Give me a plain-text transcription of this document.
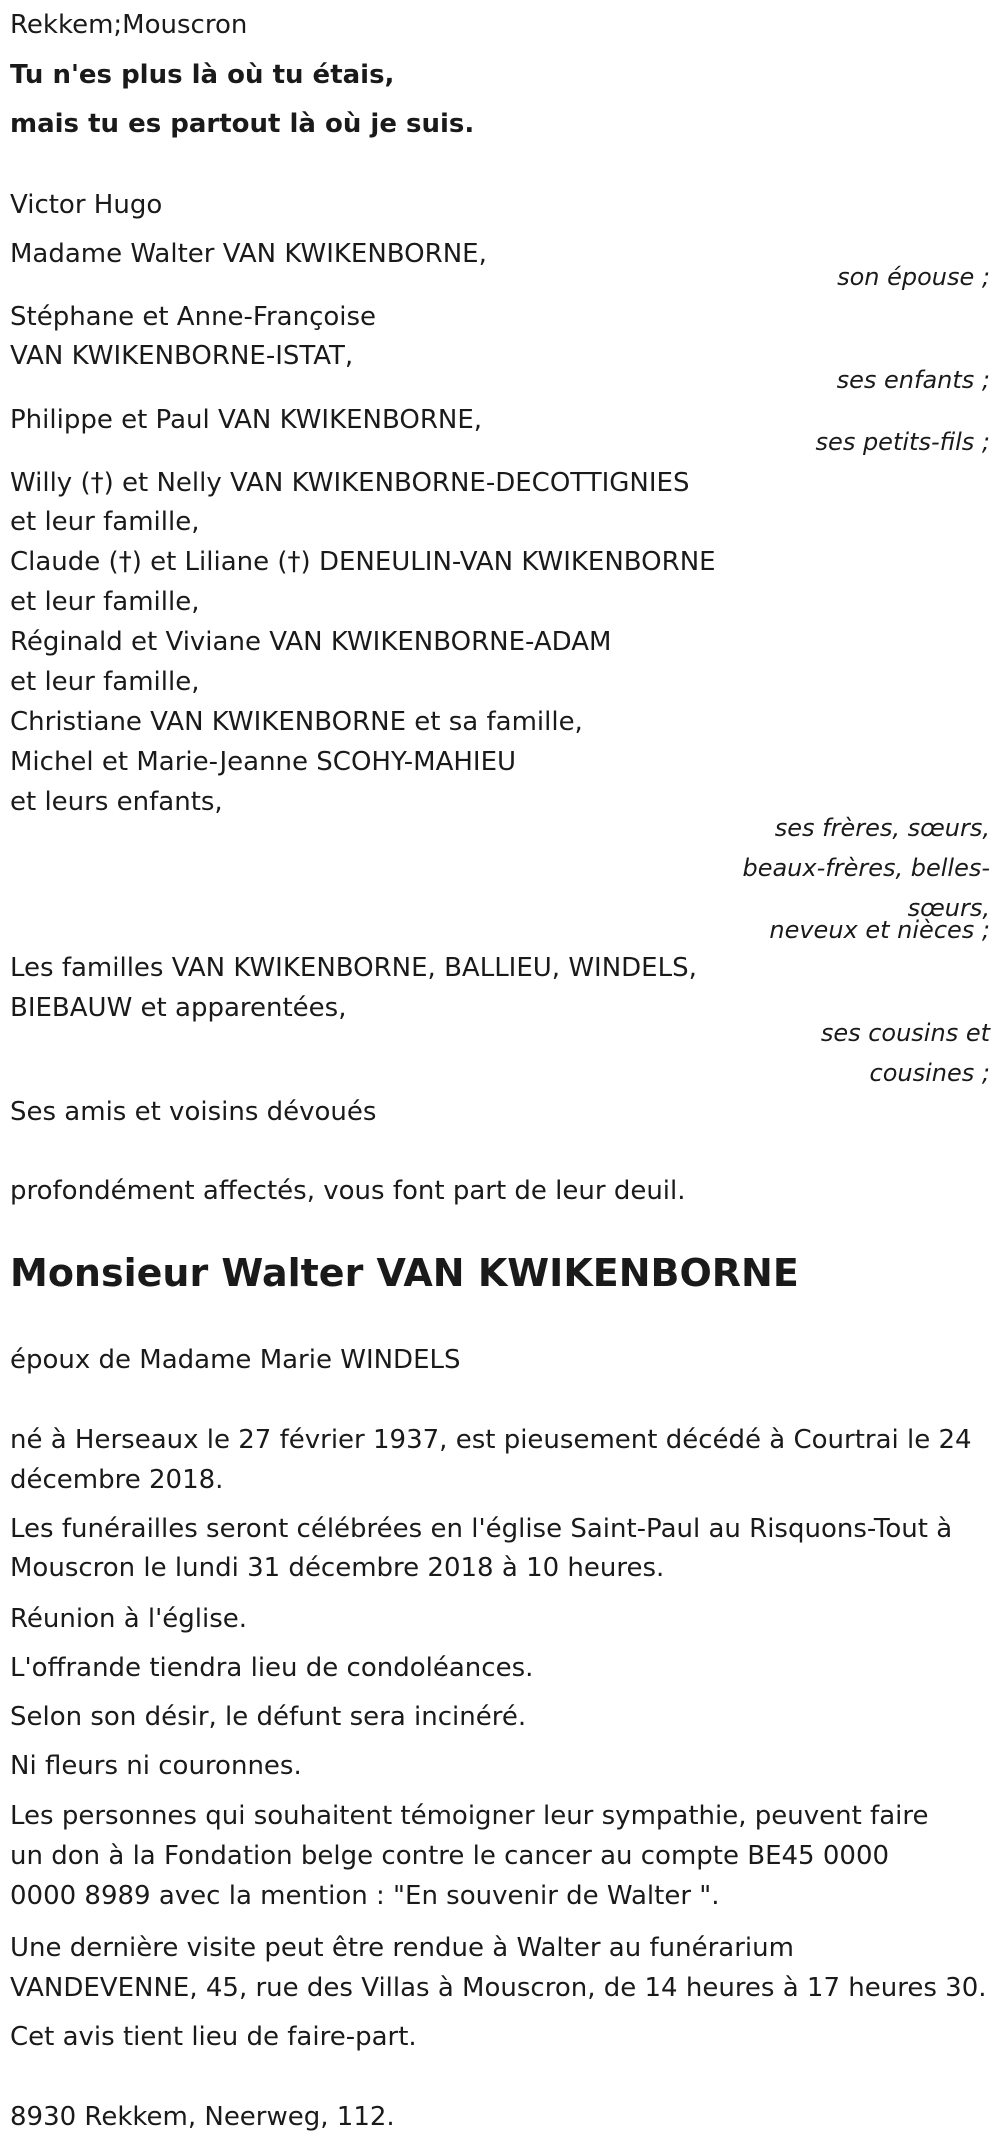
Rekkem;Mouscron

Tu n'es plus là où tu étais,

mais tu es partout là où je suis.

Victor Hugo

Madame Walter VAN KWIKENBORNE,

son épouse ;

Stéphane et Anne-Françoise

VAN KWIKENBORNE-ISTAT,

ses enfants ;

Philippe et Paul VAN KWIKENBORNE,

ses petits-fils ;

Willy (†) et Nelly VAN KWIKENBORNE-DECOTTIGNIES

et leur famille,

Claude (†) et Liliane (†) DENEULIN-VAN KWIKENBORNE

et leur famille,

Réginald et Viviane VAN KWIKENBORNE-ADAM

et leur famille,

Christiane VAN KWIKENBORNE et sa famille,

Michel et Marie-Jeanne SCOHY-MAHIEU

et leurs enfants,

ses frères, sœurs,

beaux-frères, belles-

sœurs,

neveux et nièces ;

Les familles VAN KWIKENBORNE, BALLIEU, WINDELS,

BIEBAUW et apparentées,

ses cousins et

cousines ;

Ses amis et voisins dévoués

profondément affectés, vous font part de leur deuil.

Monsieur Walter VAN KWIKENBORNE

époux de Madame Marie WINDELS

né à Herseaux le 27 février 1937, est pieusement décédé à Courtrai le 24

décembre 2018.

Les funérailles seront célébrées en l'église Saint-Paul au Risquons-Tout à

Mouscron le lundi 31 décembre 2018 à 10 heures.

Réunion à l'église.

L'offrande tiendra lieu de condoléances.

Selon son désir, le défunt sera incinéré.

Ni fleurs ni couronnes.

Les personnes qui souhaitent témoigner leur sympathie, peuvent faire

un don à la Fondation belge contre le cancer au compte BE45 0000

0000 8989 avec la mention : "En souvenir de Walter ".

Une dernière visite peut être rendue à Walter au funérarium

VANDEVENNE, 45, rue des Villas à Mouscron, de 14 heures à 17 heures 30.

Cet avis tient lieu de faire-part.

8930 Rekkem, Neerweg, 112.
